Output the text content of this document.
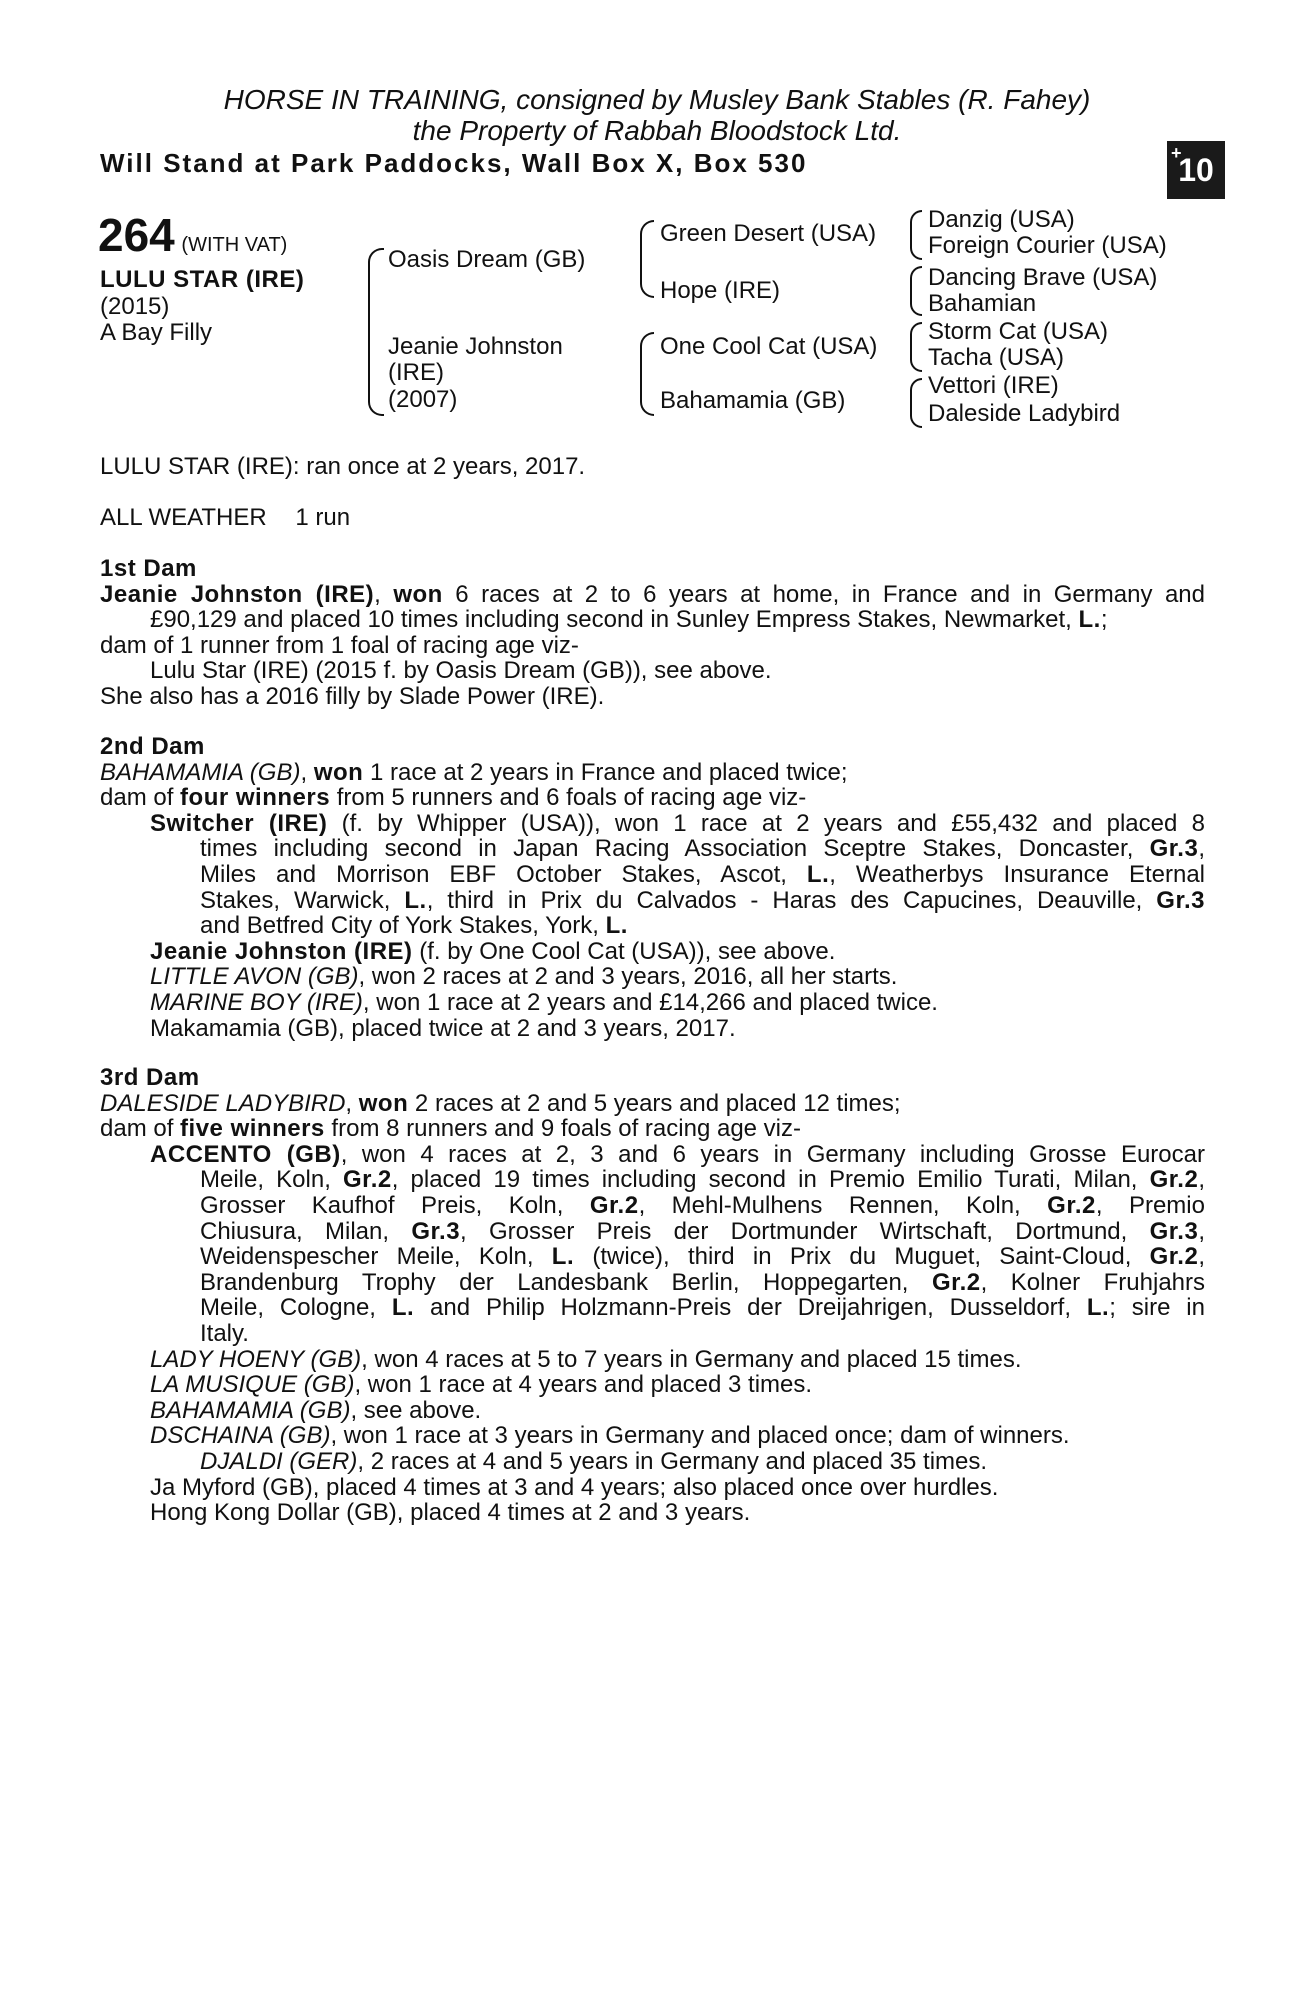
HORSE IN TRAINING, consigned by Musley Bank Stables (R. Fahey)
the Property of Rabbah Bloodstock Ltd.
Will Stand at Park Paddocks, Wall Box X, Box 530	+
10
264 (WITH VAT)
LULU STAR (IRE)
(2015)
A Bay Filly
Oasis Dream (GB)
Jeanie Johnston
(IRE)
(2007)
Green Desert (USA)
Hope (IRE)
One Cool Cat (USA)
Bahamamia (GB)
Danzig (USA)
Foreign Courier (USA)
Dancing Brave (USA)
Bahamian
Storm Cat (USA)
Tacha (USA)
Vettori (IRE)
Daleside Ladybird
LULU STAR (IRE): ran once at 2 years, 2017.
ALL WEATHER 1 run
1st Dam
Jeanie Johnston (IRE), won 6 races at 2 to 6 years at home, in France and in Germany and
£90,129 and placed 10 times including second in Sunley Empress Stakes, Newmarket, L.;
dam of 1 runner from 1 foal of racing age viz-
Lulu Star (IRE) (2015 f. by Oasis Dream (GB)), see above.
She also has a 2016 filly by Slade Power (IRE).
2nd Dam
BAHAMAMIA (GB), won 1 race at 2 years in France and placed twice;
dam of four winners from 5 runners and 6 foals of racing age viz-
Switcher (IRE) (f. by Whipper (USA)), won 1 race at 2 years and £55,432 and placed 8
times including second in Japan Racing Association Sceptre Stakes, Doncaster, Gr.3,
Miles and Morrison EBF October Stakes, Ascot, L., Weatherbys Insurance Eternal
Stakes, Warwick, L., third in Prix du Calvados - Haras des Capucines, Deauville, Gr.3
and Betfred City of York Stakes, York, L.
Jeanie Johnston (IRE) (f. by One Cool Cat (USA)), see above.
LITTLE AVON (GB), won 2 races at 2 and 3 years, 2016, all her starts.
MARINE BOY (IRE), won 1 race at 2 years and £14,266 and placed twice.
Makamamia (GB), placed twice at 2 and 3 years, 2017.
3rd Dam
DALESIDE LADYBIRD, won 2 races at 2 and 5 years and placed 12 times;
dam of five winners from 8 runners and 9 foals of racing age viz-
ACCENTO (GB), won 4 races at 2, 3 and 6 years in Germany including Grosse Eurocar
Meile, Koln, Gr.2, placed 19 times including second in Premio Emilio Turati, Milan, Gr.2,
Grosser Kaufhof Preis, Koln, Gr.2, Mehl-Mulhens Rennen, Koln, Gr.2, Premio
Chiusura, Milan, Gr.3, Grosser Preis der Dortmunder Wirtschaft, Dortmund, Gr.3,
Weidenspescher Meile, Koln, L. (twice), third in Prix du Muguet, Saint-Cloud, Gr.2,
Brandenburg Trophy der Landesbank Berlin, Hoppegarten, Gr.2, Kolner Fruhjahrs
Meile, Cologne, L. and Philip Holzmann-Preis der Dreijahrigen, Dusseldorf, L.; sire in
Italy.
LADY HOENY (GB), won 4 races at 5 to 7 years in Germany and placed 15 times.
LA MUSIQUE (GB), won 1 race at 4 years and placed 3 times.
BAHAMAMIA (GB), see above.
DSCHAINA (GB), won 1 race at 3 years in Germany and placed once; dam of winners.
DJALDI (GER), 2 races at 4 and 5 years in Germany and placed 35 times.
Ja Myford (GB), placed 4 times at 3 and 4 years; also placed once over hurdles.
Hong Kong Dollar (GB), placed 4 times at 2 and 3 years.
